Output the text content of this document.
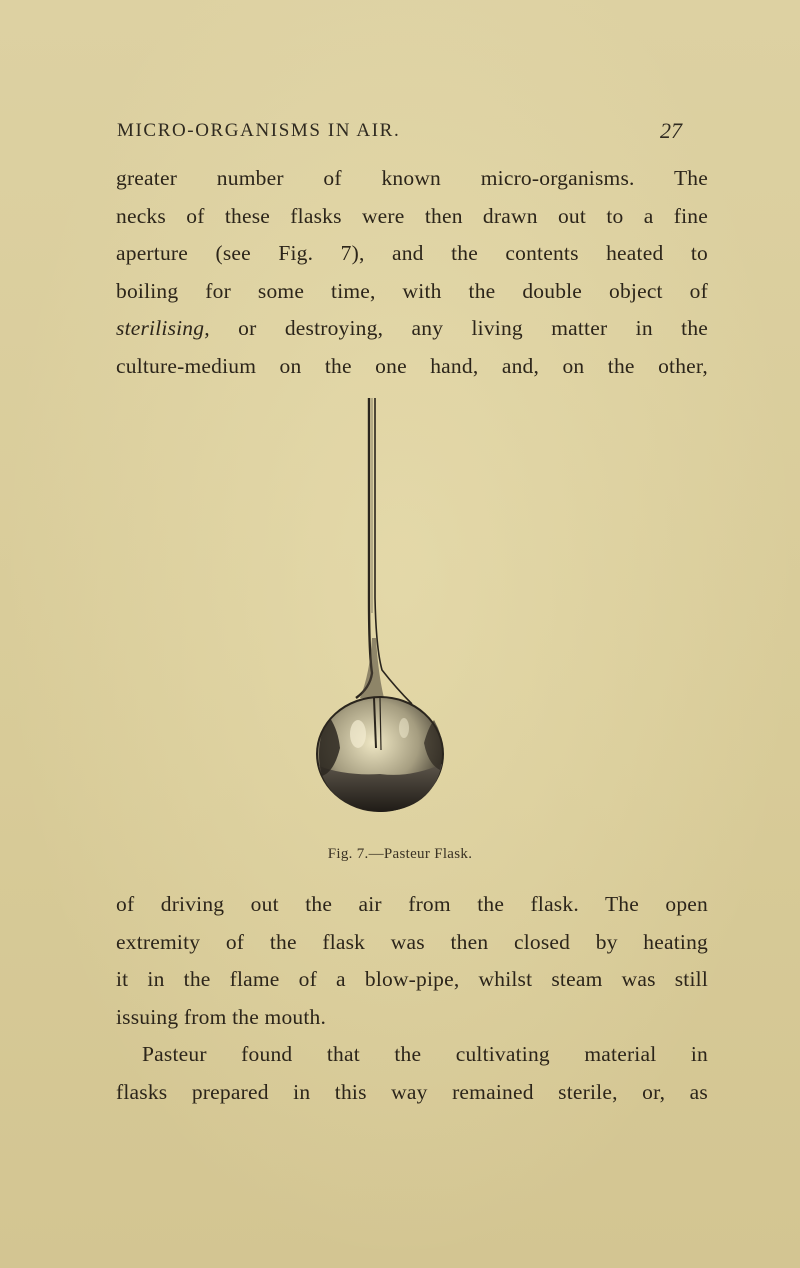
MICRO-ORGANISMS IN AIR.	27
greater number of known micro-organisms. The
necks of these flasks were then drawn out to a fine
aperture (see Fig. 7), and the contents heated to
boiling for some time, with the double object of
sterilising, or destroying, any living matter in the
culture-medium on the one hand, and, on the other,
Fig. 7.—Pasteur Flask.
of driving out the air from the flask. The open
extremity of the flask was then closed by heating
it in the flame of a blow-pipe, whilst steam was still
issuing from the mouth.
Pasteur found that the cultivating material in
flasks prepared in this way remained sterile, or, as
